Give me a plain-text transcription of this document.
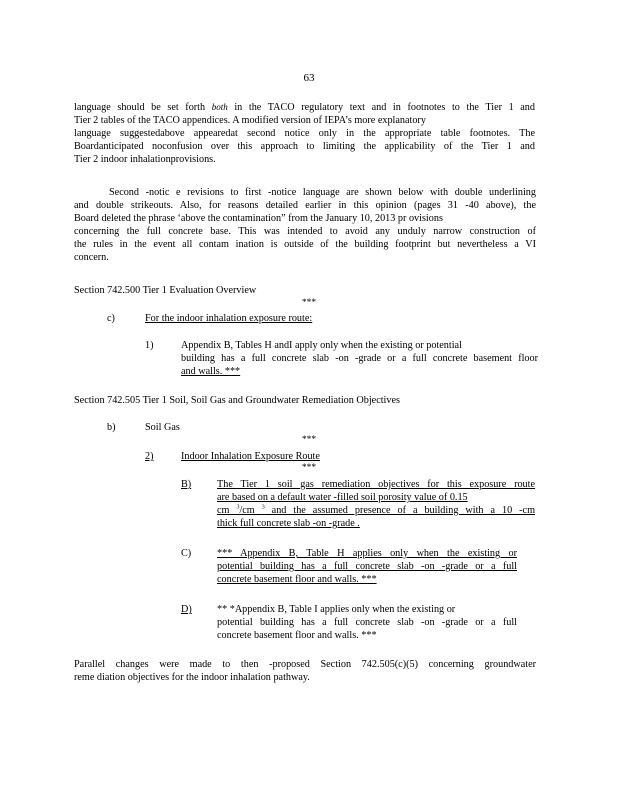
63
language should be set forth both in the TACO regulatory text and in footnotes to the Tier 1 and
Tier 2 tables of the TACO appendices. A modified version of IEPA’s more explanatory
language suggestedabove appearedat second notice only in the appropriate table footnotes. The
Boardanticipated noconfusion over this approach to limiting the applicability of the Tier 1 and
Tier 2 indoor inhalationprovisions.
Second -notic e revisions to first -notice language are shown below with double underlining
and double strikeouts. Also, for reasons detailed earlier in this opinion (pages 31 -40 above), the
Board deleted the phrase ‘above the contamination” from the January 10, 2013 pr ovisions
concerning the full concrete base. This was intended to avoid any unduly narrow construction of
the rules in the event all contam ination is outside of the building footprint but nevertheless a VI
concern.
Section 742.500 Tier 1 Evaluation Overview
***
c)	For the indoor inhalation exposure route:
1)	Appendix B, Tables H andI apply only when the existing or potential
building has a full concrete slab -on -grade or a full concrete basement floor
and walls. ***
Section 742.505 Tier 1 Soil, Soil Gas and Groundwater Remediation Objectives
b)	Soil Gas
***
2)	Indoor Inhalation Exposure Route
***
B)	The Tier 1 soil gas remediation objectives for this exposure route
are based on a default water -filled soil porosity value of 0.15
cm $^3$/cm $^3$ and the assumed presence of a building with a 10 -cm
thick full concrete slab -on -grade .
C)	*** Appendix B, Table H applies only when the existing or
potential building has a full concrete slab -on -grade or a full
concrete basement floor and walls. ***
D) ** *Appendix B, Table I applies only when the existing or
potential building has a full concrete slab -on -grade or a full
concrete basement floor and walls. ***
Parallel changes were made to then -proposed Section 742.505(c)(5) concerning groundwater
reme diation objectives for the indoor inhalation pathway.
